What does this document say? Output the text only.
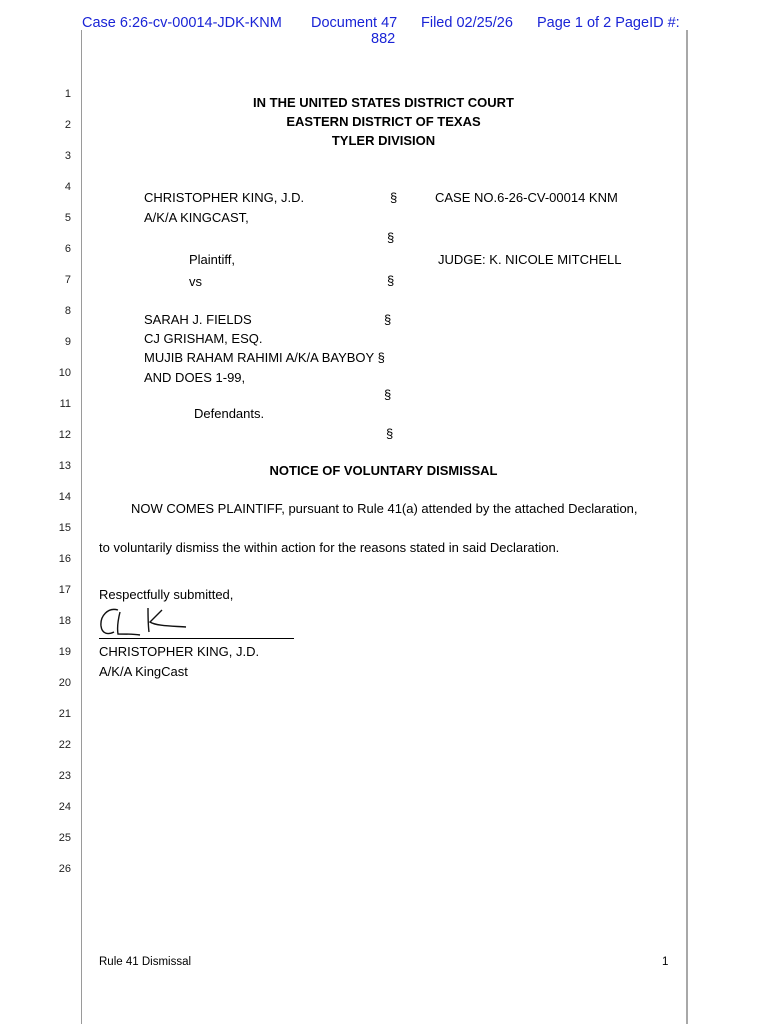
Case 6:26-cv-00014-JDK-KNM Document 47 Filed 02/25/26 Page 1 of 2 PageID #:
882
1
2
3
4
5
6
7
8
9
10
11
12
13
14
15
16
17
18
19
20
21
22
23
24
25
26
IN THE UNITED STATES DISTRICT COURT
EASTERN DISTRICT OF TEXAS
TYLER DIVISION
CHRISTOPHER KING, J.D.
A/K/A KINGCAST,
Plaintiff,
vs
SARAH J. FIELDS
CJ GRISHAM, ESQ.
MUJIB RAHAM RAHIMI A/K/A BAYBOY §
AND DOES 1-99,
Defendants.
§
§
§
§
§
§
CASE NO.6-26-CV-00014 KNM
JUDGE: K. NICOLE MITCHELL
NOTICE OF VOLUNTARY DISMISSAL
NOW COMES PLAINTIFF, pursuant to Rule 41(a) attended by the attached Declaration,
to voluntarily dismiss the within action for the reasons stated in said Declaration.
Respectfully submitted,
CHRISTOPHER KING, J.D.
A/K/A KingCast
Rule 41 Dismissal	1
